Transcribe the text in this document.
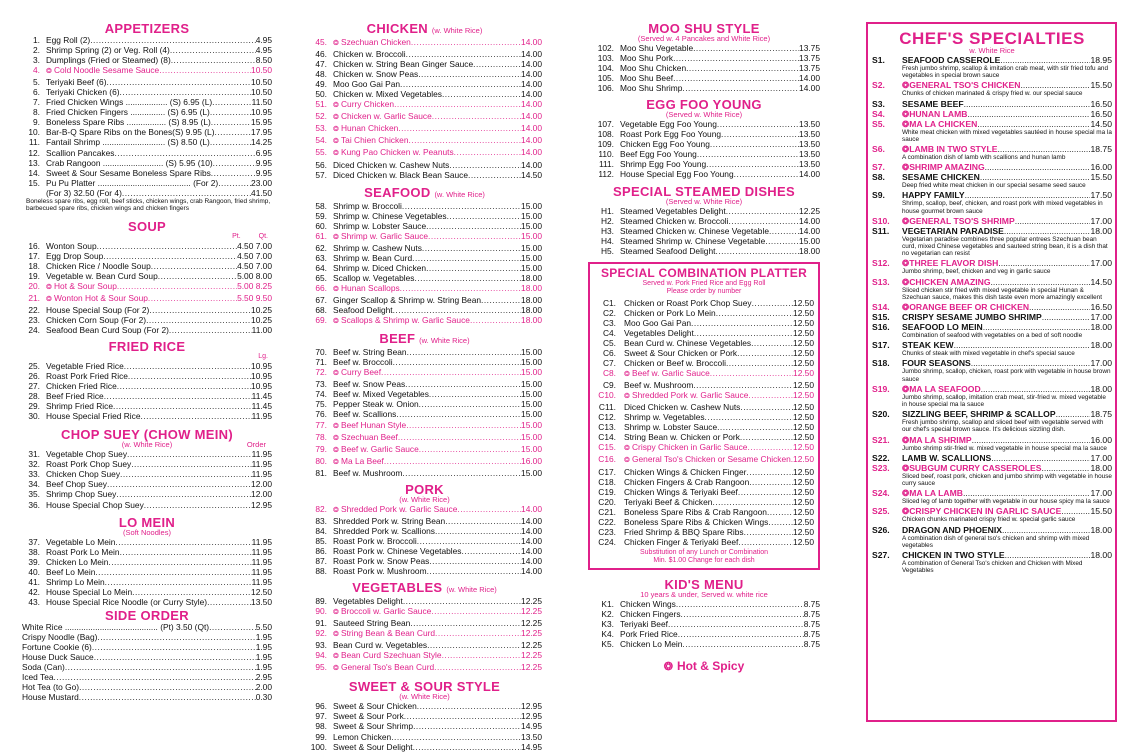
APPETIZERS
1. Egg Roll (2) .....	4.95
2. Shrimp Spring (2) or Veg. Roll (4) .....	4.95
3. Dumplings (Fried or Steamed) (8) .....	8.50
4. ❂ Cold Noodle Sesame Sauce .....	10.50
5. Teriyaki Beef (6) .....	10.50
6. Teriyaki Chicken (6) .....	10.50
7. Fried Chicken Wings .................. (S) 6.95 (L) .....	11.50
8. Fried Chicken Fingers ............... (S) 6.95 (L) .....	10.95
9. Boneless Spare Ribs ................. (S) 8.95 (L) .....	15.95
10. Bar-B-Q Spare Ribs on the Bones(S) 9.95 (L) .....	17.95
11. Fantail Shrimp ........................... (S) 8.50 (L) .....	14.25
12. Scallion Pancakes .....	6.95
13. Crab Rangoon .......................... (S) 5.95 (10) .....	9.95
14. Sweet & Sour Sesame Boneless Spare Ribs .....	9.95
15. Pu Pu Platter ........................................ (For 2) .....	23.00
(For 3) 32.50 (For 4) .....	41.50
Boneless spare ribs, egg roll, beef sticks, chicken wings, crab Rangoon, fried shrimp, barbecued spare ribs, chicken wings and chicken fingers
SOUP
Pt.	Qt.
16. Wonton Soup .....	4.50 7.00
17. Egg Drop Soup .....	4.50 7.00
18. Chicken Rice / Noodle Soup .....	4.50 7.00
19. Vegetable w. Bean Curd Soup .....	5.00 8.00
20. ❂ Hot & Sour Soup .....	5.00 8.25
21. ❂ Wonton Hot & Sour Soup .....	5.50 9.50
22. House Special Soup (For 2) .....	10.25
23. Chicken Corn Soup (For 2) .....	10.25
24. Seafood Bean Curd Soup (For 2) .....	11.00
FRIED RICE
Lg.
25. Vegetable Fried Rice .....	10.95
26. Roast Pork Fried Rice .....	10.95
27. Chicken Fried Rice .....	10.95
28. Beef Fried Rice .....	11.45
29. Shrimp Fried Rice .....	11.45
30. House Special Fried Rice .....	11.95
CHOP SUEY (CHOW MEIN)
(w. White Rice)	Order
31. Vegetable Chop Suey .....	11.95
32. Roast Pork Chop Suey .....	11.95
33. Chicken Chop Suey .....	11.95
34. Beef Chop Suey .....	12.00
35. Shrimp Chop Suey .....	12.00
36. House Special Chop Suey .....	12.95
LO MEIN
(Soft Noodles)
37. Vegetable Lo Mein .....	11.95
38. Roast Pork Lo Mein .....	11.95
39. Chicken Lo Mein .....	11.95
40. Beef Lo Mein .....	11.95
41. Shrimp Lo Mein .....	11.95
42. House Special Lo Mein .....	12.50
43. House Special Rice Noodle (or Curry Style) .....	13.50
SIDE ORDER
White Rice ........................................ (Pt) 3.50 (Qt) .....	5.50
Crispy Noodle (Bag) .....	1.95
Fortune Cookie (6) .....	1.95
House Duck Sauce .....	1.95
Soda (Can) .....	1.95
Iced Tea .....	2.95
Hot Tea (to Go) .....	2.00
House Mustard .....	0.30
CHICKEN (w. White Rice)
45. ❂ Szechuan Chicken .....	14.00
46. Chicken w. Broccoli .....	14.00
47. Chicken w. String Bean Ginger Sauce .....	14.00
48. Chicken w. Snow Peas .....	14.00
49. Moo Goo Gai Pan .....	14.00
50. Chicken w. Mixed Vegetables .....	14.00
51. ❂ Curry Chicken .....	14.00
52. ❂ Chicken w. Garlic Sauce .....	14.00
53. ❂ Hunan Chicken .....	14.00
54. ❂ Tai Chien Chicken .....	14.00
55. ❂ Kung Pao Chicken w. Peanuts .....	14.00
56. Diced Chicken w. Cashew Nuts .....	14.00
57. Diced Chicken w. Black Bean Sauce .....	14.50
SEAFOOD (w. White Rice)
58. Shrimp w. Broccoli .....	15.00
59. Shrimp w. Chinese Vegetables .....	15.00
60. Shrimp w. Lobster Sauce .....	15.00
61. ❂ Shrimp w. Garlic Sauce .....	15.00
62. Shrimp w. Cashew Nuts .....	15.00
63. Shrimp w. Bean Curd .....	15.00
64. Shrimp w. Diced Chicken .....	15.00
65. Scallop w. Vegetables .....	18.00
66. ❂ Hunan Scallops .....	18.00
67. Ginger Scallop & Shrimp w. String Bean .....	18.00
68. Seafood Delight .....	18.00
69. ❂ Scallops & Shrimp w. Garlic Sauce .....	18.00
BEEF (w. White Rice)
70. Beef w. String Bean .....	15.00
71. Beef w. Broccoli .....	15.00
72. ❂ Curry Beef .....	15.00
73. Beef w. Snow Peas .....	15.00
74. Beef w. Mixed Vegetables .....	15.00
75. Pepper Steak w. Onion .....	15.00
76. Beef w. Scallions .....	15.00
77. ❂ Beef Hunan Style .....	15.00
78. ❂ Szechuan Beef .....	15.00
79. ❂ Beef w. Garlic Sauce .....	15.00
80. ❂ Ma La Beef .....	16.00
81. Beef w. Mushroom .....	15.00
PORK
(w. White Rice)
82. ❂ Shredded Pork w. Garlic Sauce .....	14.00
83. Shredded Pork w. String Bean .....	14.00
84. Shredded Pork w. Scallions .....	14.00
85. Roast Pork w. Broccoli .....	14.00
86. Roast Pork w. Chinese Vegetables .....	14.00
87. Roast Pork w. Snow Peas .....	14.00
88. Roast Pork w. Mushroom .....	14.00
VEGETABLES (w. White Rice)
89. Vegetables Delight .....	12.25
90. ❂ Broccoli w. Garlic Sauce .....	12.25
91. Sauteed String Bean .....	12.25
92. ❂ String Bean & Bean Curd .....	12.25
93. Bean Curd w. Vegetables .....	12.25
94. ❂ Bean Curd Szechuan Style .....	12.25
95. ❂ General Tso's Bean Curd .....	12.25
SWEET & SOUR STYLE
(w. White Rice)
96. Sweet & Sour Chicken .....	12.95
97. Sweet & Sour Pork .....	12.95
98. Sweet & Sour Shrimp .....	14.95
99. Lemon Chicken .....	13.50
100. Sweet & Sour Delight .....	14.95
MOO SHU STYLE
(Served w. 4 Pancakes and White Rice)
102. Moo Shu Vegetable .....	13.75
103. Moo Shu Pork .....	13.75
104. Moo Shu Chicken .....	13.75
105. Moo Shu Beef .....	14.00
106. Moo Shu Shrimp .....	14.00
EGG FOO YOUNG
(Served w. White Rice)
107. Vegetable Egg Foo Young .....	13.50
108. Roast Pork Egg Foo Young .....	13.50
109. Chicken Egg Foo Young .....	13.50
110. Beef Egg Foo Young .....	13.50
111. Shrimp Egg Foo Young .....	13.50
112. House Special Egg Foo Young .....	14.00
SPECIAL STEAMED DISHES
(Served w. White Rice)
H1. Steamed Vegetables Delight .....	12.25
H2. Steamed Chicken w. Broccoli .....	14.00
H3. Steamed Chicken w. Chinese Vegetable .....	14.00
H4. Steamed Shrimp w. Chinese Vegetable .....	15.00
H5. Steamed Seafood Delight .....	18.00
SPECIAL COMBINATION PLATTER
Served w. Pork Fried Rice and Egg Roll
Please order by number
C1. Chicken or Roast Pork Chop Suey .....	12.50
C2. Chicken or Pork Lo Mein .....	12.50
C3. Moo Goo Gai Pan .....	12.50
C4. Vegetables Delight .....	12.50
C5. Bean Curd w. Chinese Vegetables .....	12.50
C6. Sweet & Sour Chicken or Pork .....	12.50
C7. Chicken or Beef w. Broccoli .....	12.50
C8. ❂ Beef w. Garlic Sauce .....	12.50
C9. Beef w. Mushroom .....	12.50
C10. ❂ Shredded Pork w. Garlic Sauce .....	12.50
C11. Diced Chicken w. Cashew Nuts .....	12.50
C12. Shrimp w. Vegetables .....	12.50
C13. Shrimp w. Lobster Sauce .....	12.50
C14. String Bean w. Chicken or Pork .....	12.50
C15. ❂ Crispy Chicken in Garlic Sauce .....	12.50
C16. ❂ General Tso's Chicken or Sesame Chicken ..... 12.50
C17. Chicken Wings & Chicken Finger .....	12.50
C18. Chicken Fingers & Crab Rangoon .....	12.50
C19. Chicken Wings & Teriyaki Beef .....	12.50
C20. Teriyaki Beef & Chicken .....	12.50
C21. Boneless Spare Ribs & Crab Rangoon .....	12.50
C22. Boneless Spare Ribs & Chicken Wings .....	12.50
C23. Fried Shrimp & BBQ Spare Ribs .....	12.50
C24. Chicken Finger & Teriyaki Beef .....	12.50
Substitution of any Lunch or Combination
Min. $1.00 Change for each dish
KID'S MENU
10 years & under, Served w. white rice
K1. Chicken Wings .....	8.75
K2. Chicken Fingers .....	8.75
K3. Teriyaki Beef .....	8.75
K4. Pork Fried Rice .....	8.75
K5. Chicken Lo Mein .....	8.75
❂ Hot & Spicy
CHEF'S SPECIALTIES
w. White Rice
S1.	SEAFOOD CASSEROLE .....	18.95
Fresh jumbo shrimp, scallop & imitation crab meat, with stir fried tofu and vegetables in special brown sauce
S2.	❂GENERAL TSO'S CHICKEN .....	15.50
Chunks of chicken marinated & crispy fried w. our special sauce
S3.	SESAME BEEF .....	16.50
S4.	❂HUNAN LAMB .....	16.50
S5.	❂MA LA CHICKEN .....	14.50
White meat chicken with mixed vegetables sautéed in house special ma la sauce
S6.	❂LAMB IN TWO STYLE .....	18.75
A combination dish of lamb with scallions and hunan lamb
S7.	❂SHRIMP AMAZING .....	16.00
S8.	SESAME CHICKEN .....	15.50
Deep fried white meat chicken in our special sesame seed sauce
S9.	HAPPY FAMILY .....	17.50
Shrimp, scallop, beef, chicken, and roast pork with mixed vegetables in house gourmet brown sauce
S10.	❂GENERAL TSO'S SHRIMP .....	17.00
S11.	VEGETARIAN PARADISE .....	18.00
Vegetarian paradise combines three popular entrees Szechuan bean curd, mixed Chinese vegetables and sauteed string bean, it is a dish that no vegetarian can resist
S12.	❂THREE FLAVOR DISH .....	17.00
Jumbo shrimp, beef, chicken and veg in garlic sauce
S13.	❂CHICKEN AMAZING .....	14.50
Sliced chicken stir fried with mixed vegetable in special Hunan & Szechuan sauce, makes this dish taste even more amazingly excellent
S14.	❂ORANGE BEEF OR CHICKEN .....	16.50
S15.	CRISPY SESAME JUMBO SHRIMP .....	17.00
S16.	SEAFOOD LO MEIN .....	18.00
Combination of seafood with vegetables on a bed of soft noodle
S17.	STEAK KEW .....	18.00
Chunks of steak with mixed vegetable in chef's special sauce
S18.	FOUR SEASONS .....	17.00
Jumbo shrimp, scallop, chicken, roast pork with vegetable in house brown sauce
S19.	❂MA LA SEAFOOD .....	18.00
Jumbo shrimp, scallop, imitation crab meat, stir-fried w. mixed vegetable in house special ma la sauce
S20.	SIZZLING BEEF, SHRIMP & SCALLOP .....	18.75
Fresh jumbo shrimp, scallop and sliced beef with vegetable served with our chef's special brown sauce. It's delicious sizzling dish.
S21.	❂MA LA SHRIMP .....	16.00
Jumbo shrimp stir-fried w. mixed vegetable in house special ma la sauce
S22.	LAMB W. SCALLIONS .....	17.00
S23.	❂SUBGUM CURRY CASSEROLES .....	18.00
Sliced beef, roast pork, chicken and jumbo shrimp with vegetable in house curry sauce
S24.	❂MA LA LAMB .....	17.00
Sliced leg of lamb together with vegetable in our house spicy ma la sauce
S25.	❂CRISPY CHICKEN IN GARLIC SAUCE .....	15.50
Chicken chunks marinated crispy fried w. special garlic sauce
S26.	DRAGON AND PHOENIX .....	18.00
A combination dish of general tso's chicken and shrimp with mixed vegetables
S27.	CHICKEN IN TWO STYLE .....	18.00
A combination of General Tso's chicken and Chicken with Mixed Vegetables
